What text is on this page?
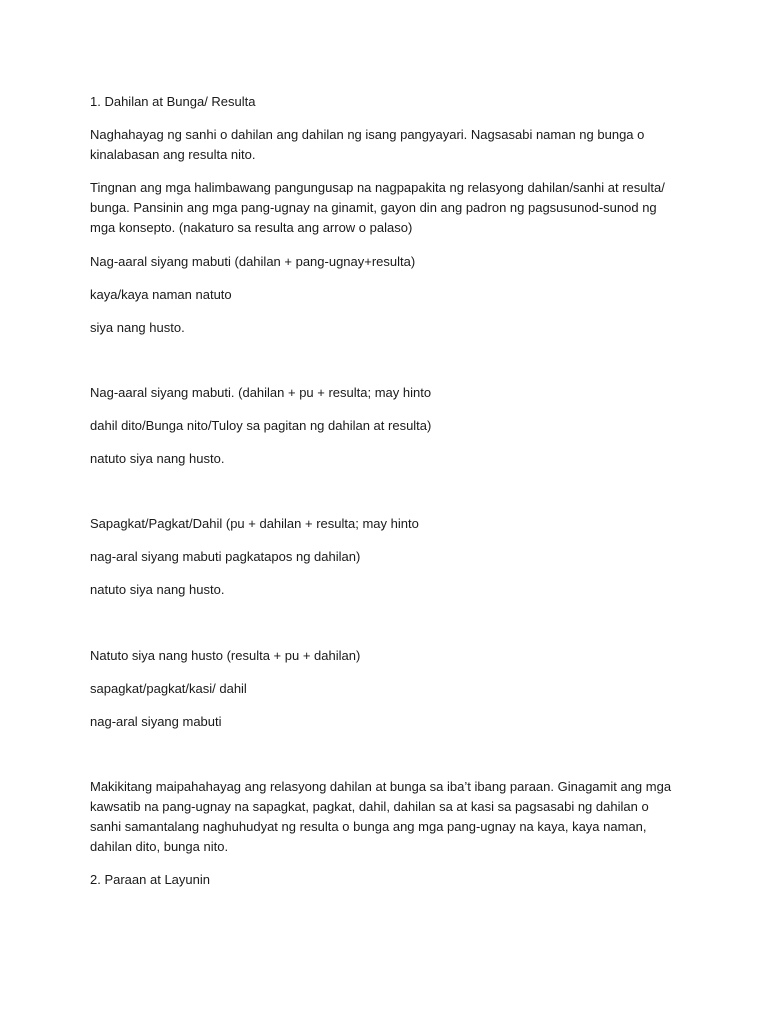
1. Dahilan at Bunga/ Resulta

Naghahayag ng sanhi o dahilan ang dahilan ng isang pangyayari. Nagsasabi naman ng bunga o kinalabasan ang resulta nito.

Tingnan ang mga halimbawang pangungusap na nagpapakita ng relasyong dahilan/sanhi at resulta/ bunga. Pansinin ang mga pang-ugnay na ginamit, gayon din ang padron ng pagsusunod-sunod ng mga konsepto. (nakaturo sa resulta ang arrow o palaso)

Nag-aaral siyang mabuti (dahilan + pang-ugnay+resulta)

kaya/kaya naman natuto

siya nang husto.

Nag-aaral siyang mabuti. (dahilan + pu + resulta; may hinto

dahil dito/Bunga nito/Tuloy sa pagitan ng dahilan at resulta)

natuto siya nang husto.

Sapagkat/Pagkat/Dahil (pu + dahilan + resulta; may hinto

nag-aral siyang mabuti pagkatapos ng dahilan)

natuto siya nang husto.

Natuto siya nang husto (resulta + pu + dahilan)

sapagkat/pagkat/kasi/ dahil

nag-aral siyang mabuti

Makikitang maipahahayag ang relasyong dahilan at bunga sa iba’t ibang paraan. Ginagamit ang mga kawsatib na pang-ugnay na sapagkat, pagkat, dahil, dahilan sa at kasi sa pagsasabi ng dahilan o sanhi samantalang naghuhudyat ng resulta o bunga ang mga pang-ugnay na kaya, kaya naman, dahilan dito, bunga nito.

2. Paraan at Layunin
